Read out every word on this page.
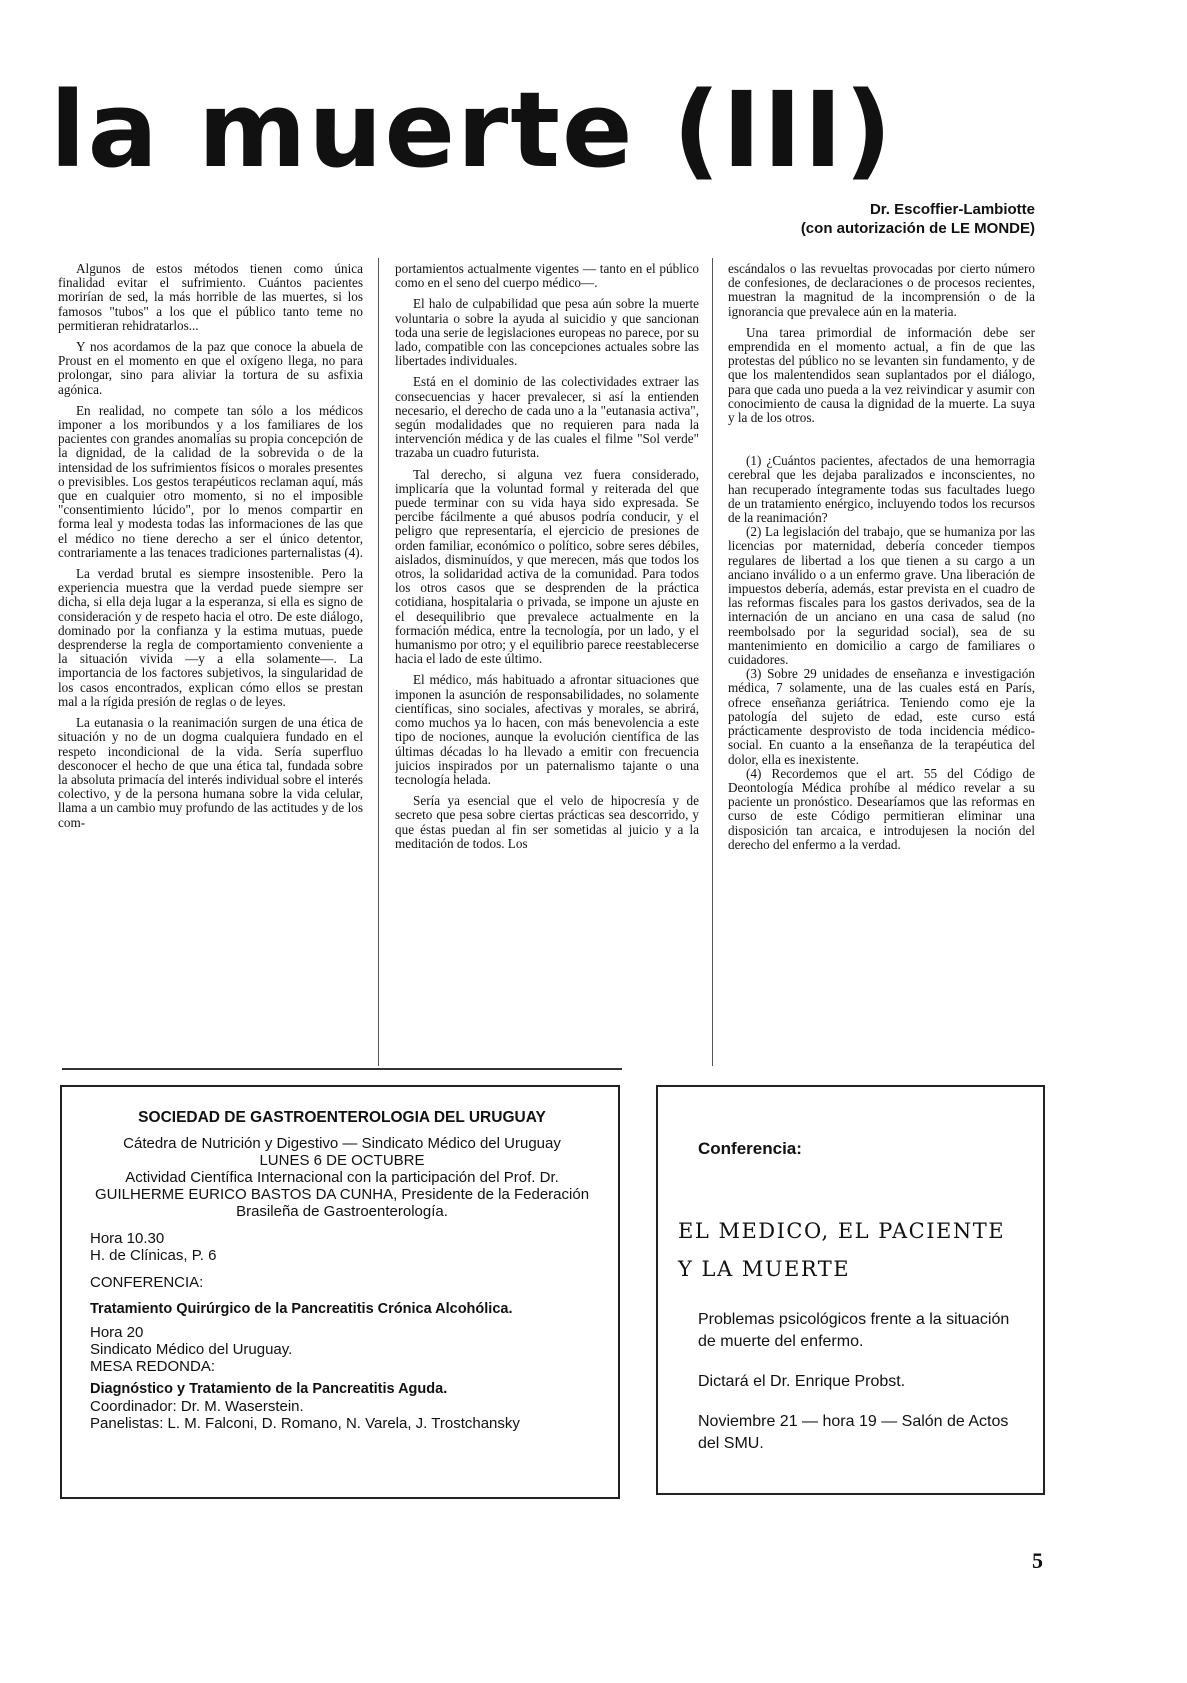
la muerte (III)
Dr. Escoffier-Lambiotte
(con autorización de LE MONDE)

Algunos de estos métodos tienen como única finalidad evitar el sufrimiento. Cuántos pacientes morirían de sed, la más horrible de las muertes, si los famosos "tubos" a los que el público tanto teme no permitieran rehidratarlos...

Y nos acordamos de la paz que conoce la abuela de Proust en el momento en que el oxígeno llega, no para prolongar, sino para aliviar la tortura de su asfixia agónica.

En realidad, no compete tan sólo a los médicos imponer a los moribundos y a los familiares de los pacientes con grandes anomalías su propia concepción de la dignidad, de la calidad de la sobrevida o de la intensidad de los sufrimientos físicos o morales presentes o previsibles. Los gestos terapéuticos reclaman aquí, más que en cualquier otro momento, si no el imposible "consentimiento lúcido", por lo menos compartir en forma leal y modesta todas las informaciones de las que el médico no tiene derecho a ser el único detentor, contrariamente a las tenaces tradiciones parternalistas (4).

La verdad brutal es siempre insostenible. Pero la experiencia muestra que la verdad puede siempre ser dicha, si ella deja lugar a la esperanza, si ella es signo de consideración y de respeto hacia el otro. De este diálogo, dominado por la confianza y la estima mutuas, puede desprenderse la regla de comportamiento conveniente a la situación vivida —y a ella solamente—. La importancia de los factores subjetivos, la singularidad de los casos encontrados, explican cómo ellos se prestan mal a la rígida presión de reglas o de leyes.

La eutanasia o la reanimación surgen de una ética de situación y no de un dogma cualquiera fundado en el respeto incondicional de la vida. Sería superfluo desconocer el hecho de que una ética tal, fundada sobre la absoluta primacía del interés individual sobre el interés colectivo, y de la persona humana sobre la vida celular, llama a un cambio muy profundo de las actitudes y de los com-

portamientos actualmente vigentes — tanto en el público como en el seno del cuerpo médico—.

El halo de culpabilidad que pesa aún sobre la muerte voluntaria o sobre la ayuda al suicidio y que sancionan toda una serie de legislaciones europeas no parece, por su lado, compatible con las concepciones actuales sobre las libertades individuales.

Está en el dominio de las colectividades extraer las consecuencias y hacer prevalecer, si así la entienden necesario, el derecho de cada uno a la "eutanasia activa", según modalidades que no requieren para nada la intervención médica y de las cuales el filme "Sol verde" trazaba un cuadro futurista.

Tal derecho, si alguna vez fuera considerado, implicaría que la voluntad formal y reiterada del que puede terminar con su vida haya sido expresada. Se percibe fácilmente a qué abusos podría conducir, y el peligro que representaría, el ejercicio de presiones de orden familiar, económico o político, sobre seres débiles, aislados, disminuídos, y que merecen, más que todos los otros, la solidaridad activa de la comunidad. Para todos los otros casos que se desprenden de la práctica cotidiana, hospitalaria o privada, se impone un ajuste en el desequilibrio que prevalece actualmente en la formación médica, entre la tecnología, por un lado, y el humanismo por otro; y el equilibrio parece reestablecerse hacia el lado de este último.

El médico, más habituado a afrontar situaciones que imponen la asunción de responsabilidades, no solamente científicas, sino sociales, afectivas y morales, se abrirá, como muchos ya lo hacen, con más benevolencia a este tipo de nociones, aunque la evolución científica de las últimas décadas lo ha llevado a emitir con frecuencia juicios inspirados por un paternalismo tajante o una tecnología helada.

Sería ya esencial que el velo de hipocresía y de secreto que pesa sobre ciertas prácticas sea descorrido, y que éstas puedan al fin ser sometidas al juicio y a la meditación de todos. Los

escándalos o las revueltas provocadas por cierto número de confesiones, de declaraciones o de procesos recientes, muestran la magnitud de la incomprensión o de la ignorancia que prevalece aún en la materia.

Una tarea primordial de información debe ser emprendida en el momento actual, a fin de que las protestas del público no se levanten sin fundamento, y de que los malentendidos sean suplantados por el diálogo, para que cada uno pueda a la vez reivindicar y asumir con conocimiento de causa la dignidad de la muerte. La suya y la de los otros.

(1) ¿Cuántos pacientes, afectados de una hemorragia cerebral que les dejaba paralizados e inconscientes, no han recuperado íntegramente todas sus facultades luego de un tratamiento enérgico, incluyendo todos los recursos de la reanimación?

(2) La legislación del trabajo, que se humaniza por las licencias por maternidad, debería conceder tiempos regulares de libertad a los que tienen a su cargo a un anciano inválido o a un enfermo grave. Una liberación de impuestos debería, además, estar prevista en el cuadro de las reformas fiscales para los gastos derivados, sea de la internación de un anciano en una casa de salud (no reembolsado por la seguridad social), sea de su mantenimiento en domicilio a cargo de familiares o cuidadores.

(3) Sobre 29 unidades de enseñanza e investigación médica, 7 solamente, una de las cuales está en París, ofrece enseñanza geriátrica. Teniendo como eje la patología del sujeto de edad, este curso está prácticamente desprovisto de toda incidencia médico-social. En cuanto a la enseñanza de la terapéutica del dolor, ella es inexistente.

(4) Recordemos que el art. 55 del Código de Deontología Médica prohíbe al médico revelar a su paciente un pronóstico. Desearíamos que las reformas en curso de este Código permitieran eliminar una disposición tan arcaica, e introdujesen la noción del derecho del enfermo a la verdad.

SOCIEDAD DE GASTROENTEROLOGIA DEL URUGUAY

Cátedra de Nutrición y Digestivo — Sindicato Médico del Uruguay

LUNES 6 DE OCTUBRE

Actividad Científica Internacional con la participación del Prof. Dr. GUILHERME EURICO BASTOS DA CUNHA, Presidente de la Federación Brasileña de Gastroenterología.

Hora 10.30

H. de Clínicas, P. 6

CONFERENCIA:

Tratamiento Quirúrgico de la Pancreatitis Crónica Alcohólica.

Hora 20

Sindicato Médico del Uruguay.

MESA REDONDA:

Diagnóstico y Tratamiento de la Pancreatitis Aguda.

Coordinador: Dr. M. Waserstein.

Panelistas: L. M. Falconi, D. Romano, N. Varela, J. Trostchansky

Conferencia:
EL MEDICO, EL PACIENTE
Y LA MUERTE

Problemas psicológicos frente a la situación de muerte del enfermo.

Dictará el Dr. Enrique Probst.

Noviembre 21 — hora 19 — Salón de Actos del SMU.

5
